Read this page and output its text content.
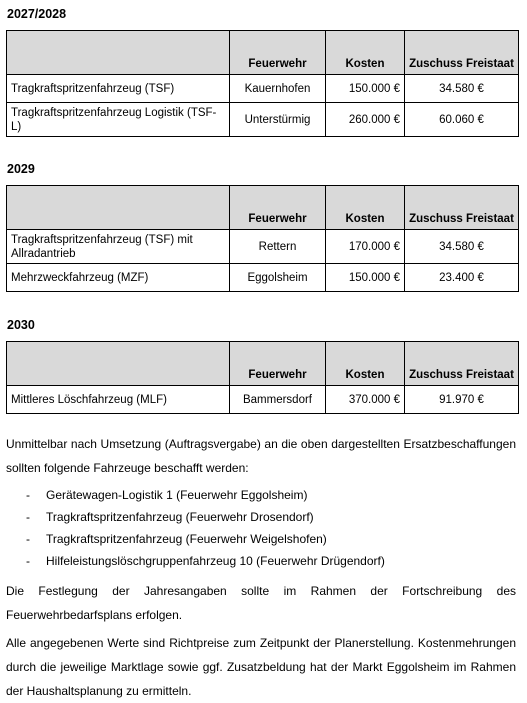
2027/2028
	Feuerwehr	Kosten	Zuschuss Freistaat
Tragkraftspritzenfahrzeug (TSF)	Kauernhofen	150.000 €	34.580 €
Tragkraftspritzenfahrzeug Logistik (TSF-L)	Unterstürmig	260.000 €	60.060 €
2029
	Feuerwehr	Kosten	Zuschuss Freistaat
Tragkraftspritzenfahrzeug (TSF) mit Allradantrieb	Rettern	170.000 €	34.580 €
Mehrzweckfahrzeug (MZF)	Eggolsheim	150.000 €	23.400 €
2030
	Feuerwehr	Kosten	Zuschuss Freistaat
Mittleres Löschfahrzeug (MLF)	Bammersdorf	370.000 €	91.970 €

Unmittelbar nach Umsetzung (Auftragsvergabe) an die oben dargestellten Ersatzbeschaffungen sollten folgende Fahrzeuge beschafft werden:

- Gerätewagen-Logistik 1 (Feuerwehr Eggolsheim)
- Tragkraftspritzenfahrzeug (Feuerwehr Drosendorf)
- Tragkraftspritzenfahrzeug (Feuerwehr Weigelshofen)
- Hilfeleistungslöschgruppenfahrzeug 10 (Feuerwehr Drügendorf)

Die Festlegung der Jahresangaben sollte im Rahmen der Fortschreibung des Feuerwehrbedarfsplans erfolgen.

Alle angegebenen Werte sind Richtpreise zum Zeitpunkt der Planerstellung. Kostenmehrungen durch die jeweilige Marktlage sowie ggf. Zusatzbeldung hat der Markt Eggolsheim im Rahmen der Haushaltsplanung zu ermitteln.
